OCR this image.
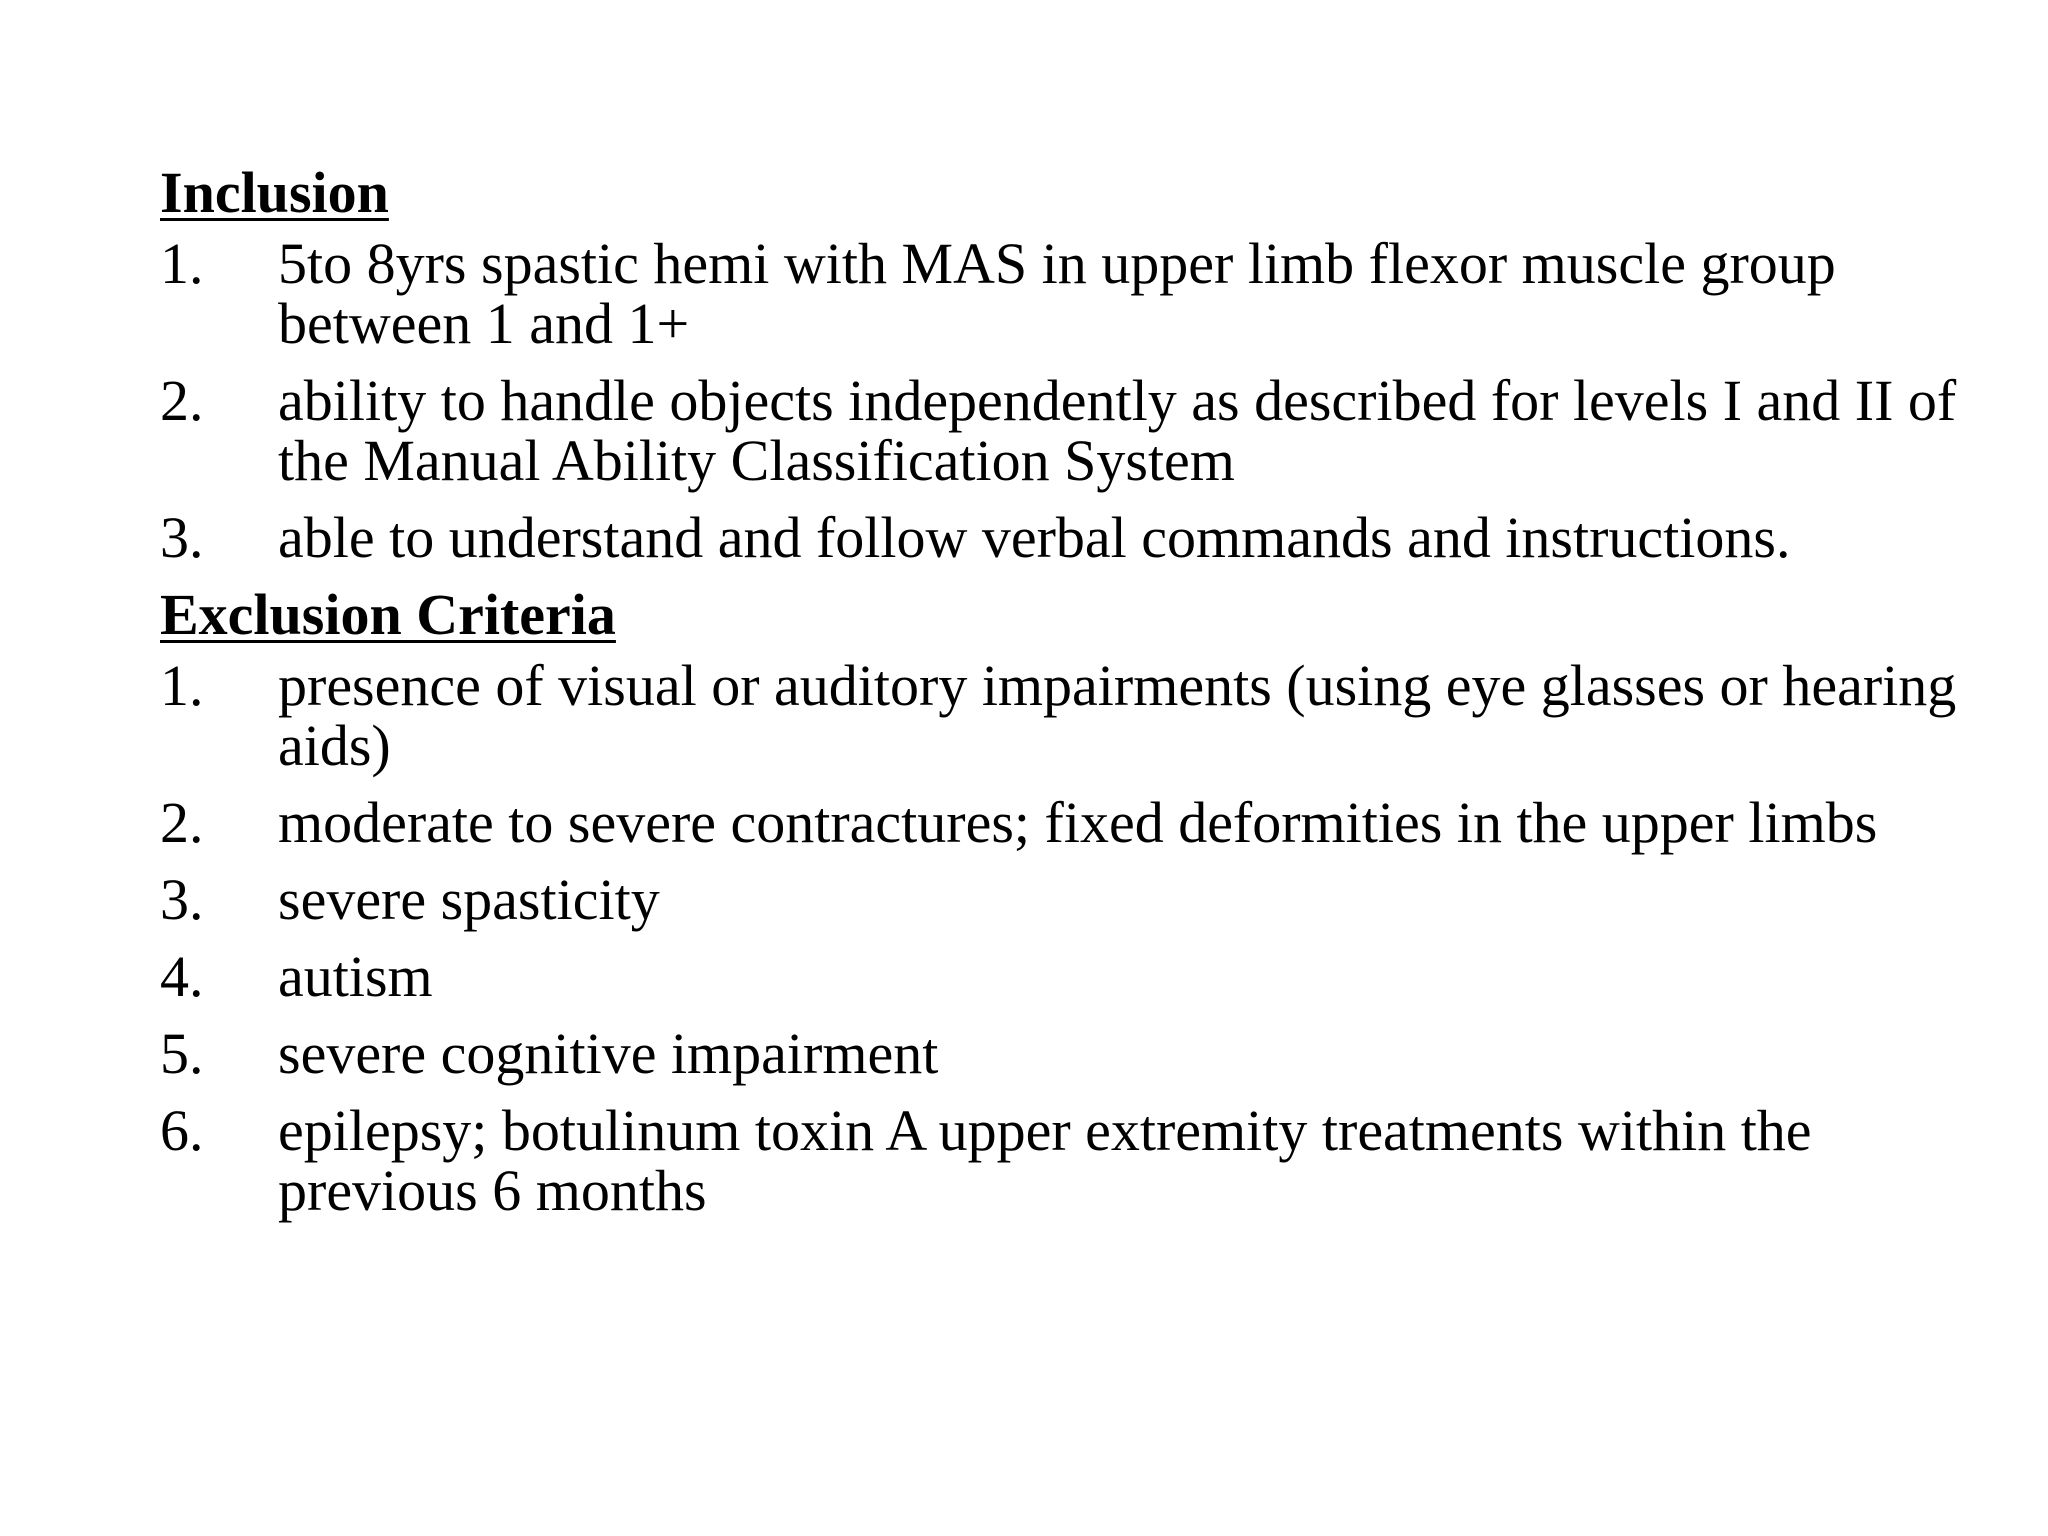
Inclusion
1. 5to 8yrs spastic hemi with MAS in upper limb flexor muscle group between 1 and 1+
2. ability to handle objects independently as described for levels I and II of the Manual Ability Classification System
3. able to understand and follow verbal commands and instructions.
Exclusion Criteria
1. presence of visual or auditory impairments (using eye glasses or hearing aids)
2. moderate to severe contractures; fixed deformities in the upper limbs
3. severe spasticity
4. autism
5. severe cognitive impairment
6. epilepsy; botulinum toxin A upper extremity treatments within the previous 6 months
